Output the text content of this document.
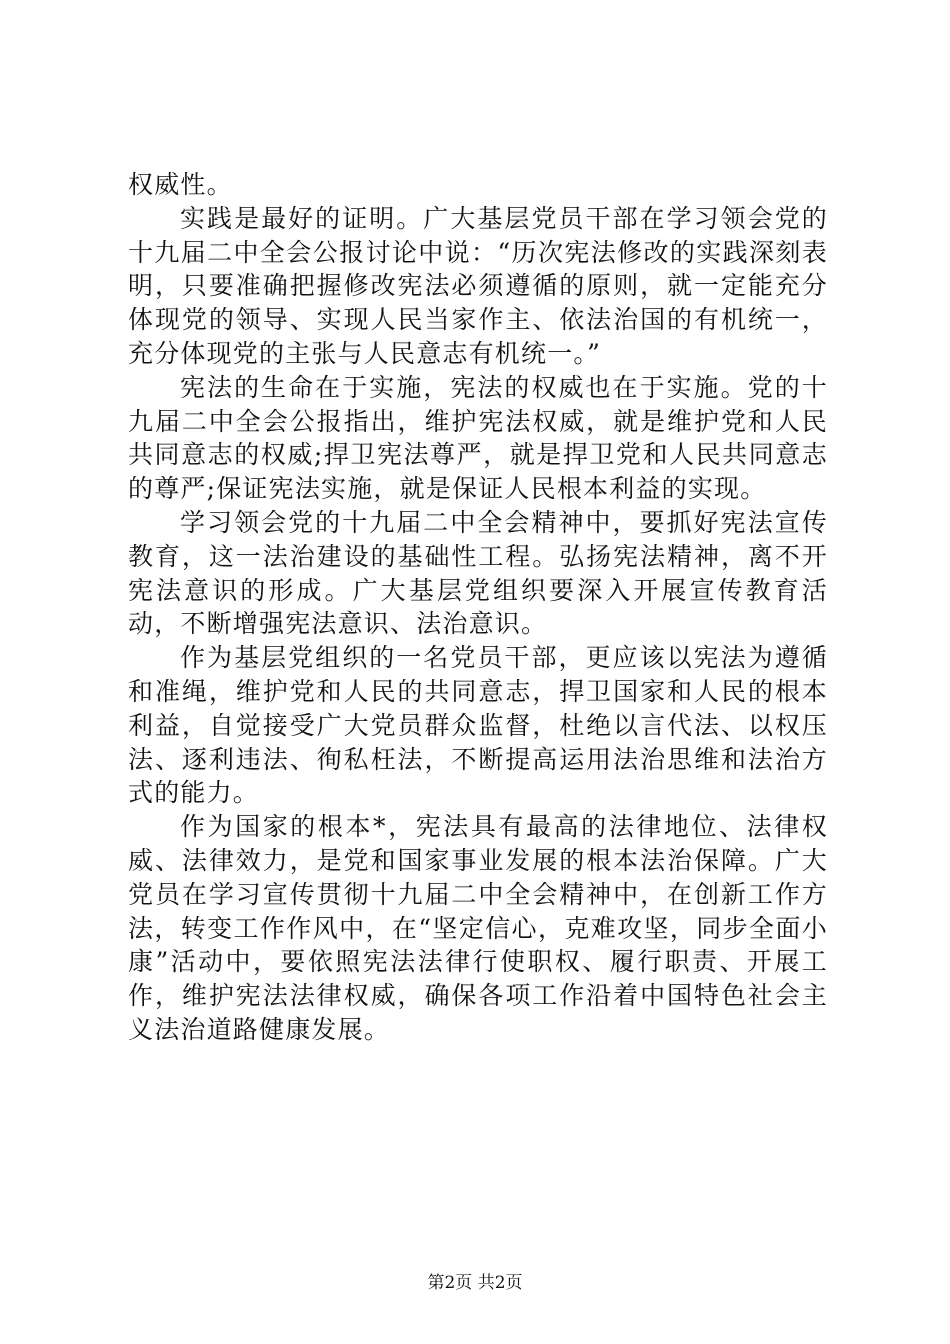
权威性。

实践是最好的证明。广大基层党员干部在学习领会党的十九届二中全会公报讨论中说：“历次宪法修改的实践深刻表明，只要准确把握修改宪法必须遵循的原则，就一定能充分体现党的领导、实现人民当家作主、依法治国的有机统一，充分体现党的主张与人民意志有机统一。”

宪法的生命在于实施，宪法的权威也在于实施。党的十九届二中全会公报指出，维护宪法权威，就是维护党和人民共同意志的权威;捍卫宪法尊严，就是捍卫党和人民共同意志的尊严;保证宪法实施，就是保证人民根本利益的实现。

学习领会党的十九届二中全会精神中，要抓好宪法宣传教育，这一法治建设的基础性工程。弘扬宪法精神，离不开宪法意识的形成。广大基层党组织要深入开展宣传教育活动，不断增强宪法意识、法治意识。

作为基层党组织的一名党员干部，更应该以宪法为遵循和准绳，维护党和人民的共同意志，捍卫国家和人民的根本利益，自觉接受广大党员群众监督，杜绝以言代法、以权压法、逐利违法、徇私枉法，不断提高运用法治思维和法治方式的能力。

作为国家的根本*，宪法具有最高的法律地位、法律权威、法律效力，是党和国家事业发展的根本法治保障。广大党员在学习宣传贯彻十九届二中全会精神中，在创新工作方法，转变工作作风中，在“坚定信心，克难攻坚，同步全面小康”活动中，要依照宪法法律行使职权、履行职责、开展工作，维护宪法法律权威，确保各项工作沿着中国特色社会主义法治道路健康发展。

第2页 共2页
